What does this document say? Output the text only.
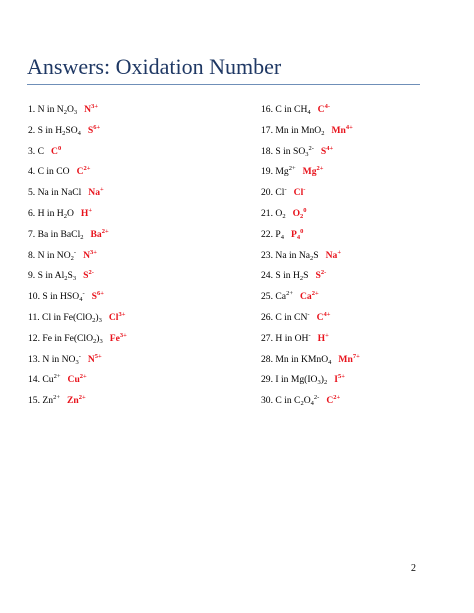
Answers: Oxidation Number
1. N in $N_2O_3$ $N^{3+}$
2. S in $H_2SO_4$ $S^{6+}$
3. C $C^0$
4. C in CO $C^{2+}$
5. Na in NaCl Na+
6. H in $H_2O$ H+
7. Ba in BaCl$_2$ $Ba^{2+}$
8. N in $NO_2^-$ $N^{3+}$
9. S in $Al_2S_3$ $S^{2-}$
10. S in $HSO_4^-$ $S^{6+}$
11. Cl in $Fe(ClO_2)_3$ $Cl^{3+}$
12. Fe in $Fe(ClO_2)_3$ $Fe^{3+}$
13. N in $NO_3^-$ $N^{5+}$
14. $Cu^{2+}$ $Cu^{2+}$
15. $Zn^{2+}$ $Zn^{2+}$
16. C in $CH_4$ $C^{4-}$
17. Mn in MnO$_2$ $Mn^{4+}$
18. S in $SO_3^{2-}$ $S^{4+}$
19. $Mg^{2+}$ $Mg^{2+}$
20. Cl- Cl-
21. $O_2$ $O_2^0$
22. $P_4$ $P_4^0$
23. Na in $Na_2S$ Na+
24. S in $H_2S$ $S^{2-}$
25. $Ca^{2+}$ $Ca^{2+}$
26. C in CN- $C^{4+}$
27. H in OH- H+
28. Mn in KMnO$_4$ $Mn^{7+}$
29. I in $Mg(IO_3)_2$ $I^{5+}$
30. C in $C_2O_4^{2-}$ $C^{2+}$
2
